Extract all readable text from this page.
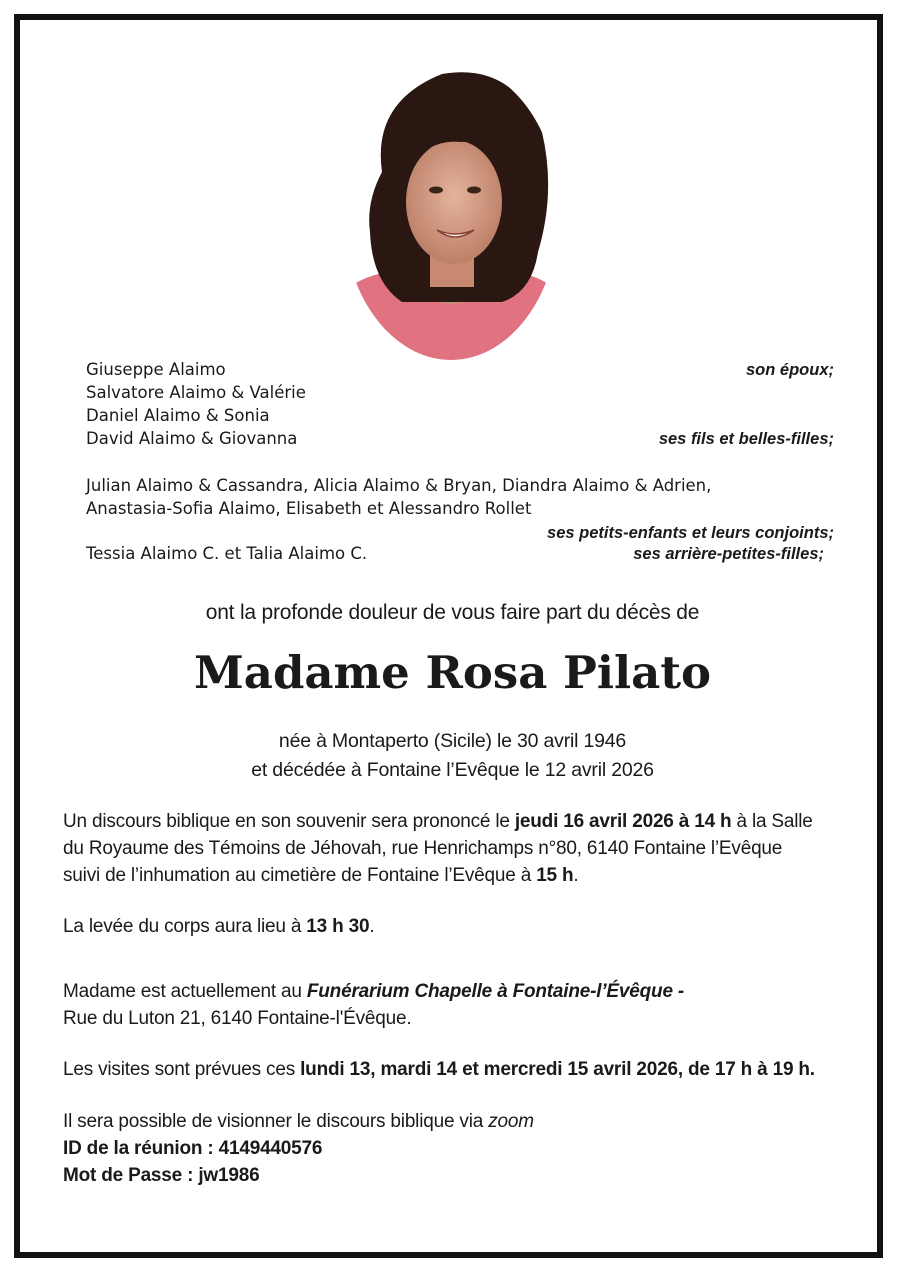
Giuseppe Alaimo	son époux;
Salvatore Alaimo & Valérie
Daniel Alaimo & Sonia
David Alaimo & Giovanna	ses fils et belles-filles;
Julian Alaimo & Cassandra, Alicia Alaimo & Bryan, Diandra Alaimo & Adrien,
Anastasia-Sofia Alaimo, Elisabeth et Alessandro Rollet
ses petits-enfants et leurs conjoints;
Tessia Alaimo C. et Talia Alaimo C.	ses arrière-petites-filles;
ont la profonde douleur de vous faire part du décès de
Madame Rosa Pilato
née à Montaperto (Sicile) le 30 avril 1946
et décédée à Fontaine l’Evêque le 12 avril 2026
Un discours biblique en son souvenir sera prononcé le jeudi 16 avril 2026 à 14 h à la Salle
du Royaume des Témoins de Jéhovah, rue Henrichamps n°80, 6140 Fontaine l’Evêque
suivi de l’inhumation au cimetière de Fontaine l’Evêque à 15 h.
La levée du corps aura lieu à 13 h 30.
Madame est actuellement au Funérarium Chapelle à Fontaine-l’Évêque -
Rue du Luton 21, 6140 Fontaine-l'Évêque.
Les visites sont prévues ces lundi 13, mardi 14 et mercredi 15 avril 2026, de 17 h à 19 h.
Il sera possible de visionner le discours biblique via zoom
ID de la réunion : 4149440576
Mot de Passe : jw1986
